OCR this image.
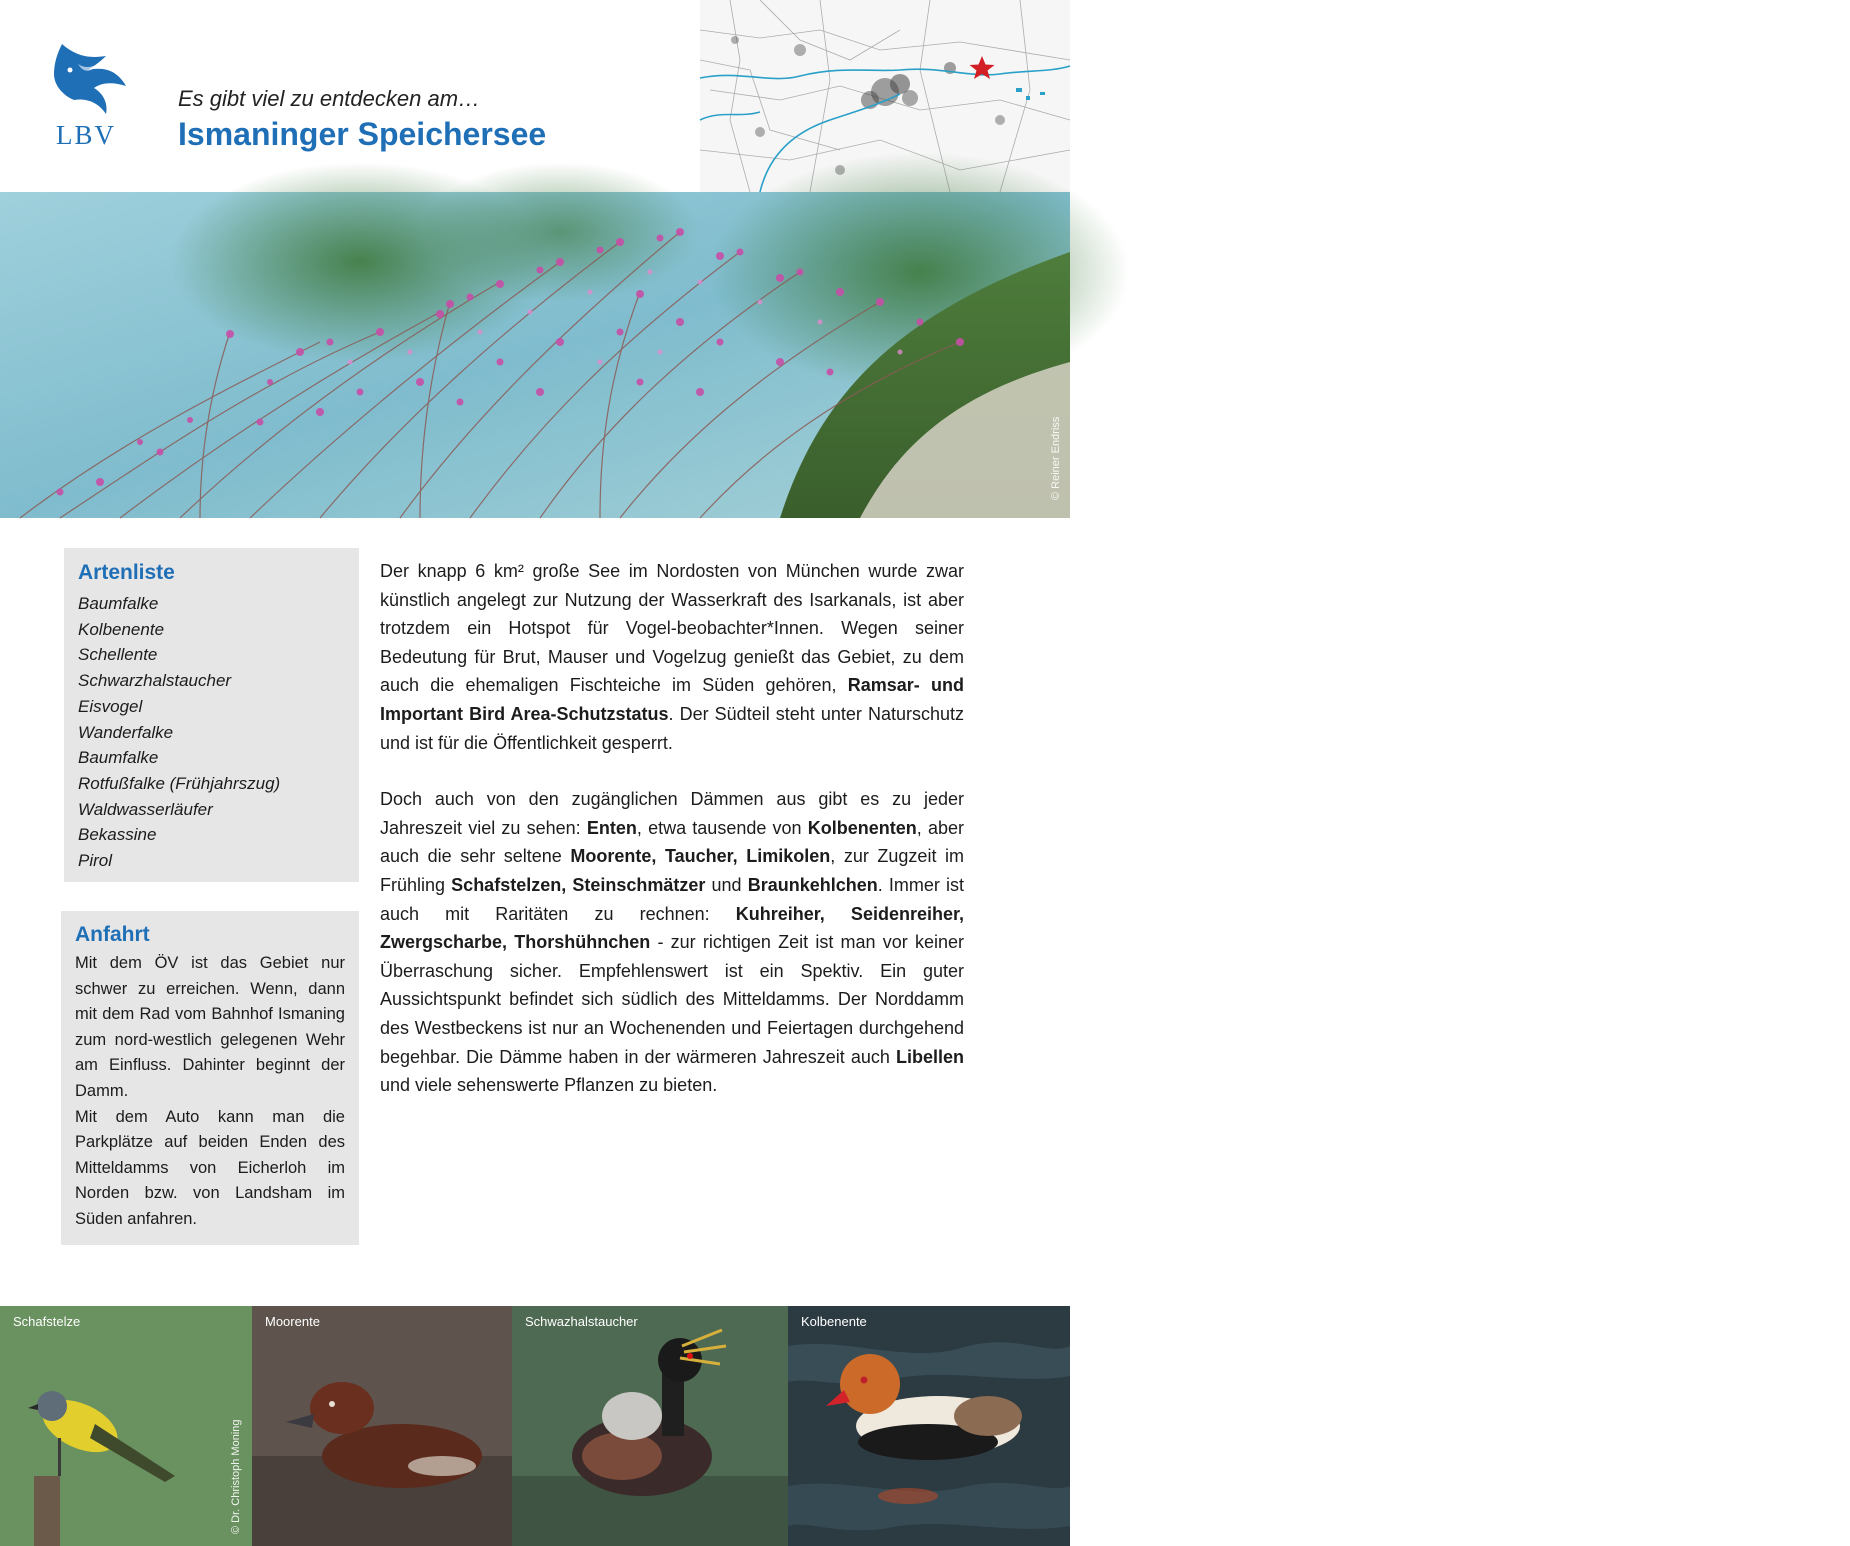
LBV
Es gibt viel zu entdecken am…
Ismaninger Speichersee
© Reiner Endriss
Artenliste
Baumfalke
Kolbenente
Schellente
Schwarzhalstaucher
Eisvogel
Wanderfalke
Baumfalke
Rotfußfalke (Frühjahrszug)
Waldwasserläufer
Bekassine
Pirol
Anfahrt

Mit dem ÖV ist das Gebiet nur schwer zu erreichen. Wenn, dann mit dem Rad vom Bahnhof Ismaning zum nord-westlich gelegenen Wehr am Einfluss. Dahinter beginnt der Damm.

Mit dem Auto kann man die Parkplätze auf beiden Enden des Mitteldamms von Eicherloh im Norden bzw. von Landsham im Süden anfahren.

Der knapp 6 km² große See im Nordosten von München wurde zwar künstlich angelegt zur Nutzung der Wasserkraft des Isarkanals, ist aber trotzdem ein Hotspot für Vogel-beobachter*Innen. Wegen seiner Bedeutung für Brut, Mauser und Vogelzug genießt das Gebiet, zu dem auch die ehemaligen Fischteiche im Süden gehören, Ramsar- und Important Bird Area-Schutzstatus. Der Südteil steht unter Naturschutz und ist für die Öffentlichkeit gesperrt.

Doch auch von den zugänglichen Dämmen aus gibt es zu jeder Jahreszeit viel zu sehen: Enten, etwa tausende von Kolbenenten, aber auch die sehr seltene Moorente, Taucher, Limikolen, zur Zugzeit im Frühling Schafstelzen, Steinschmätzer und Braunkehlchen. Immer ist auch mit Raritäten zu rechnen: Kuhreiher, Seidenreiher, Zwergscharbe, Thorshühnchen - zur richtigen Zeit ist man vor keiner Überraschung sicher. Empfehlenswert ist ein Spektiv. Ein guter Aussichtspunkt befindet sich südlich des Mitteldamms. Der Norddamm des Westbeckens ist nur an Wochenenden und Feiertagen durchgehend begehbar. Die Dämme haben in der wärmeren Jahreszeit auch Libellen und viele sehenswerte Pflanzen zu bieten.

Schafstelze
© Dr. Christoph Moning
Moorente	Schwazhalstaucher
© Claudia Becher
Kolbenente
© Werner Borok
